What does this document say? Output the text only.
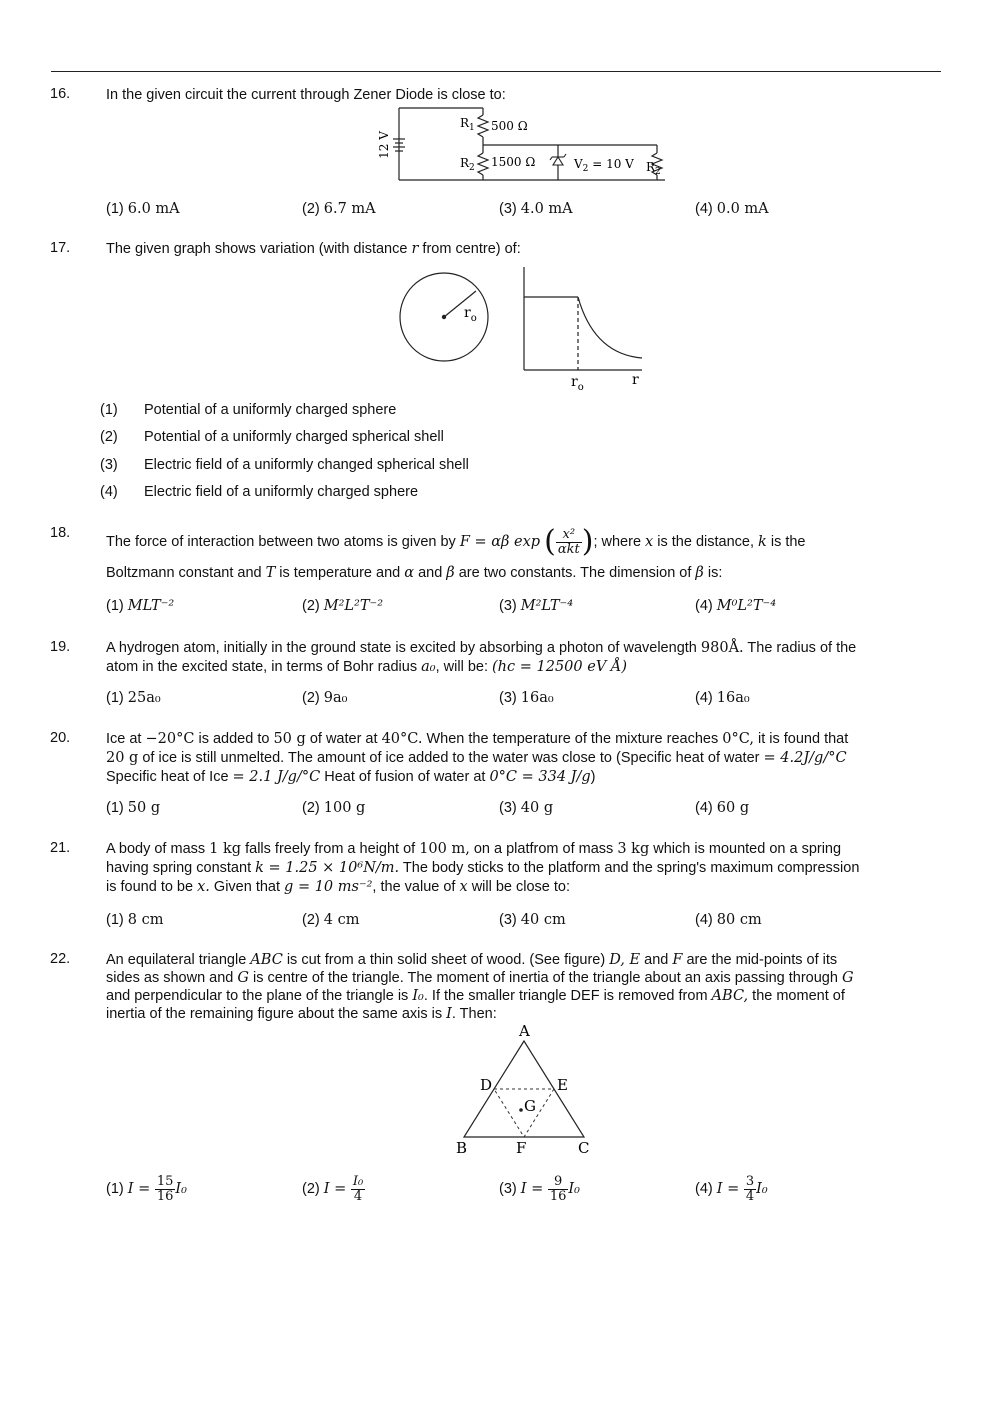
16. In the given circuit the current through Zener Diode is close to:
12 V
$R_1$ 500 Ω
$R_2$ 1500 Ω	$V_2 = 10$ V $R_2$
(1) 6.0 mA	(2) 6.7 mA	(3) 4.0 mA	(4) 0.0 mA
17. The given graph shows variation (with distance r from centre) of:
$r_o$
$r_o$	r
(1) Potential of a uniformly charged sphere
(2) Potential of a uniformly charged spherical shell
(3) Electric field of a uniformly changed spherical shell
(4) Electric field of a uniformly charged sphere
18.
The force of interaction between two atoms is given by F = αβ exp ( $\frac{\text{x²}}{\text{αkt}}$ ); where x is the distance, k is the
Boltzmann constant and T is temperature and α and β are two constants. The dimension of β is:
(1) MLT⁻²	(2) M²L²T⁻²	(3) M²LT⁻⁴	(4) M⁰L²T⁻⁴
19. A hydrogen atom, initially in the ground state is excited by absorbing a photon of wavelength 980Å. The radius of the
atom in the excited state, in terms of Bohr radius a₀, will be: (hc = 12500 eV Å)
(1) 25a₀	(2) 9a₀	(3) 16a₀	(4) 16a₀
20. Ice at −20°C is added to 50 g of water at 40°C. When the temperature of the mixture reaches 0°C, it is found that
20 g of ice is still unmelted. The amount of ice added to the water was close to (Specific heat of water = 4.2J/g/°C
Specific heat of Ice = 2.1 J/g/°C Heat of fusion of water at 0°C = 334 J/g)
(1) 50 g	(2) 100 g	(3) 40 g	(4) 60 g
21. A body of mass 1 kg falls freely from a height of 100 m, on a platfrom of mass 3 kg which is mounted on a spring
having spring constant k = 1.25 × 10⁶N/m. The body sticks to the platform and the spring's maximum compression
is found to be x. Given that g = 10 ms⁻², the value of x will be close to:
(1) 8 cm	(2) 4 cm	(3) 40 cm	(4) 80 cm
22. An equilateral triangle ABC is cut from a thin solid sheet of wood. (See figure) D, E and F are the mid-points of its
sides as shown and G is centre of the triangle. The moment of inertia of the triangle about an axis passing through G
and perpendicular to the plane of the triangle is I₀. If the smaller triangle DEF is removed from ABC, the moment of
inertia of the remaining figure about the same axis is I. Then:
A
B	C
D	E
F
G
(1) $I = \frac{15}{16} I_0$	(2) $I = \frac{\text{I₀}}{4}$	(3) $I = \frac{9}{16} I_0$	(4) $I = \frac{3}{4} I_0$
